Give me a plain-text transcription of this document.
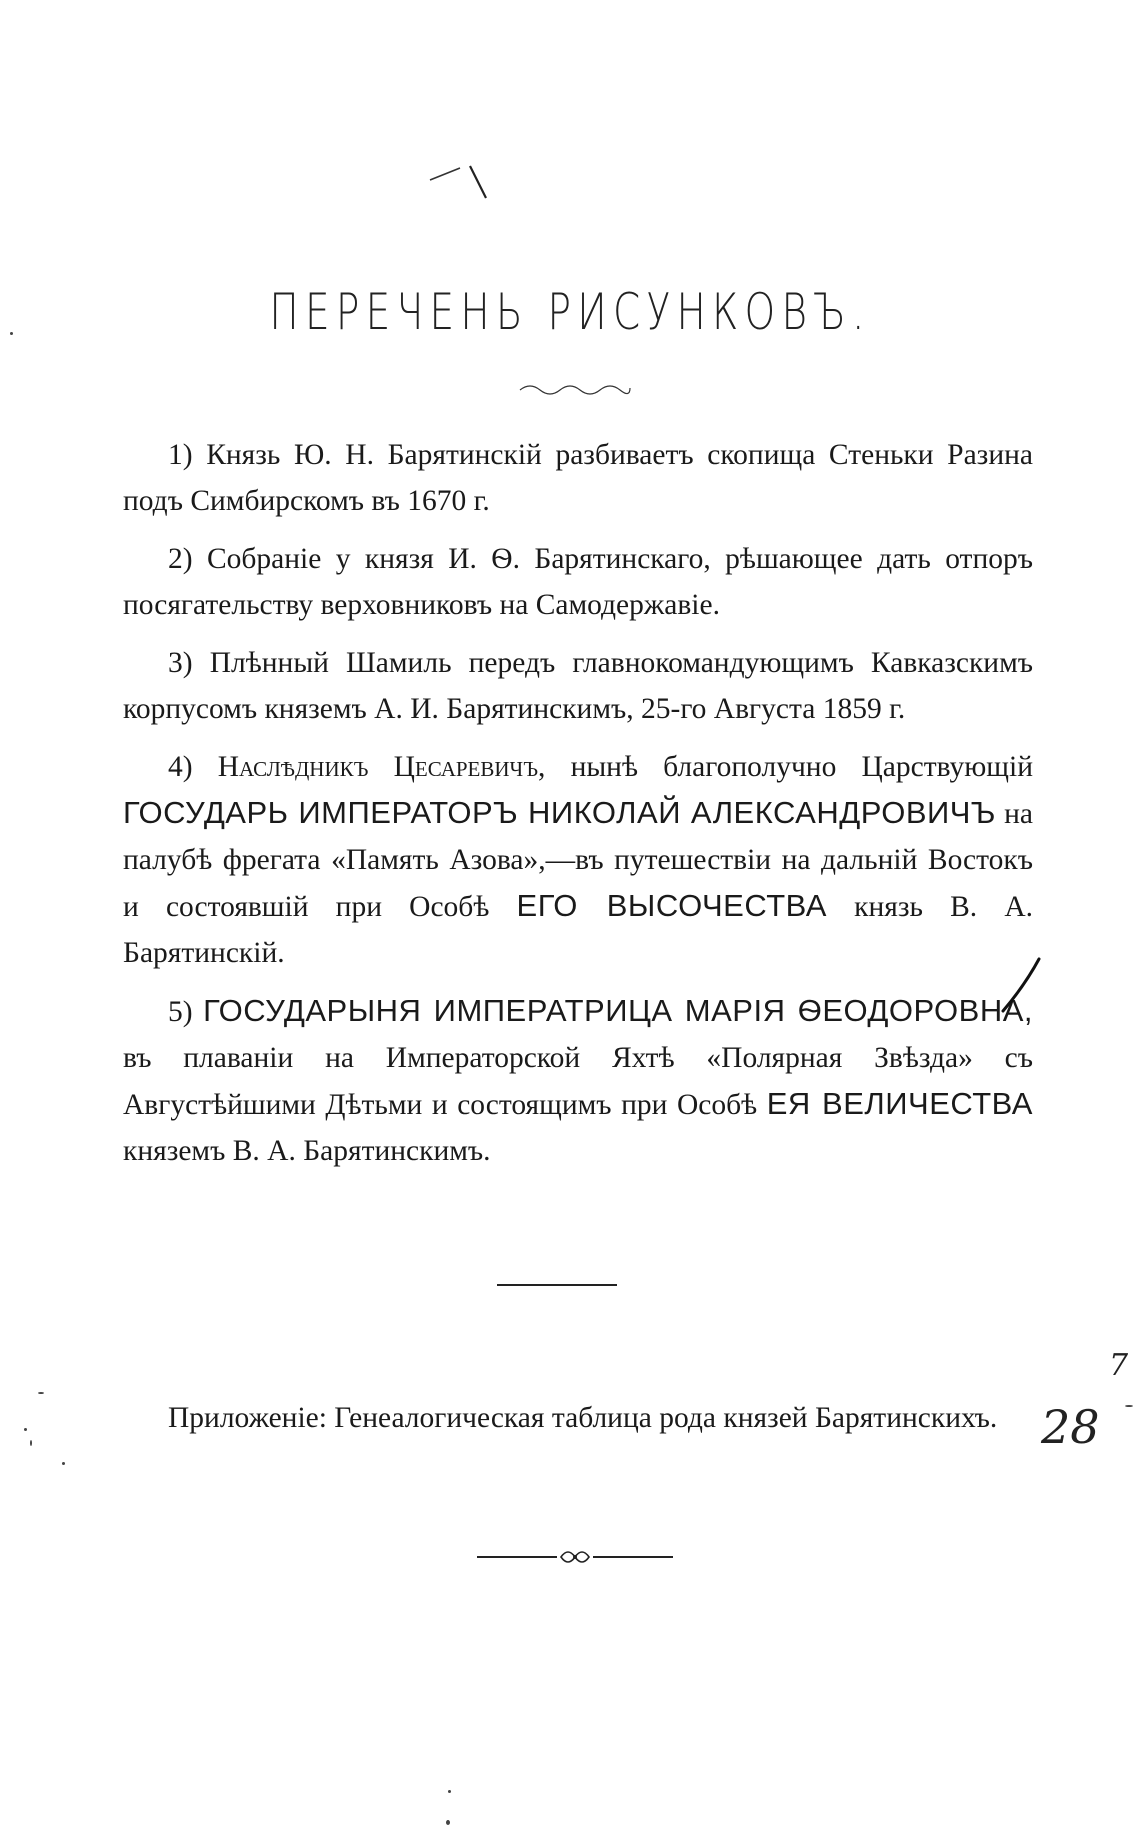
ПЕРЕЧЕНЬ РИСУНКОВЪ.

1) Князь Ю. Н. Барятинскій разбиваетъ скопища Стеньки Разина подъ Симбирскомъ въ 1670 г.

2) Собраніе у князя И. Ѳ. Барятинскаго, рѣшающее дать отпоръ посягательству верховниковъ на Самодержавіе.

3) Плѣнный Шамиль передъ главнокомандующимъ Кавказскимъ корпусомъ княземъ А. И. Барятинскимъ, 25-го Августа 1859 г.

4) Наслѣдникъ Цесаревичъ, нынѣ благополучно Царствующій ГОСУДАРЬ ИМПЕРАТОРЪ НИКОЛАЙ АЛЕКСАНДРОВИЧЪ на палубѣ фрегата «Память Азова»,—въ путешествіи на дальній Востокъ и состоявшій при Особѣ ЕГО ВЫСОЧЕСТВА князь В. А. Барятинскій.

5) ГОСУДАРЫНЯ ИМПЕРАТРИЦА МАРІЯ ѲЕОДОРОВНА, въ плаваніи на Императорской Яхтѣ «Полярная Звѣзда» съ Августѣйшими Дѣтьми и состоящимъ при Особѣ ЕЯ ВЕЛИЧЕСТВА княземъ В. А. Барятинскимъ.

Приложеніе: Генеалогическая таблица рода князей Барятинскихъ.

7
28
